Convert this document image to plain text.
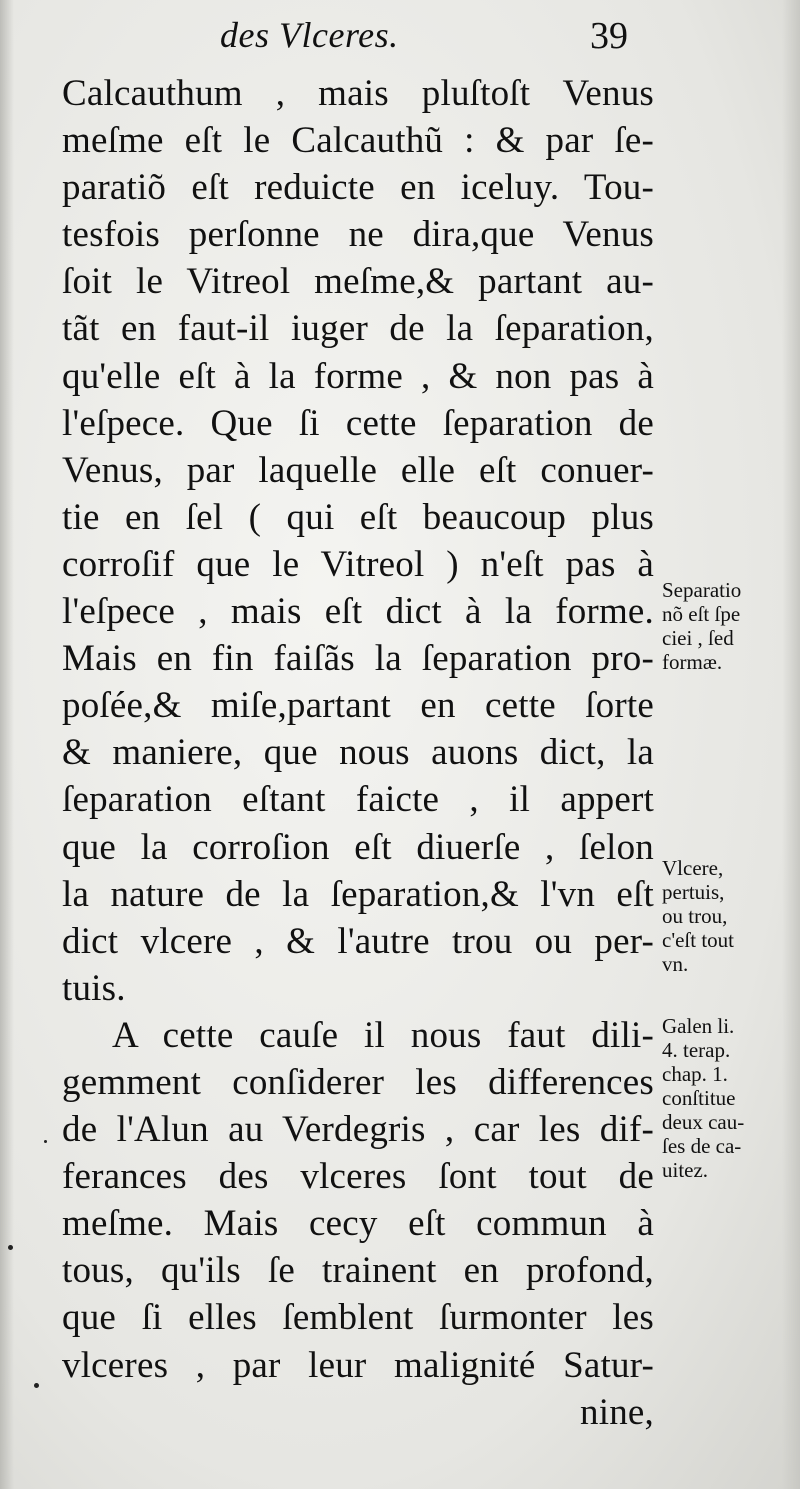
des Vlceres.	39
Calcauthum , mais pluſtoſt Venus
meſme eſt le Calcauthũ : & par ſe-
paratiõ eſt reduicte en iceluy. Tou-
tesfois perſonne ne dira,que Venus
ſoit le Vitreol meſme,& partant au-
tãt en faut-il iuger de la ſeparation,
qu'elle eſt à la forme , & non pas à
l'eſpece. Que ſi cette ſeparation de
Venus, par laquelle elle eſt conuer-
tie en ſel ( qui eſt beaucoup plus
corroſif que le Vitreol ) n'eſt pas à
l'eſpece , mais eſt dict à la forme.
Mais en fin faiſãs la ſeparation pro-
poſée,& miſe,partant en cette ſorte
& maniere, que nous auons dict, la
ſeparation eſtant faicte , il appert
que la corroſion eſt diuerſe , ſelon
la nature de la ſeparation,& l'vn eſt
dict vlcere , & l'autre trou ou per-
tuis.
A cette cauſe il nous faut dili-
gemment conſiderer les differences
de l'Alun au Verdegris , car les dif-
ferances des vlceres ſont tout de
meſme. Mais cecy eſt commun à
tous, qu'ils ſe trainent en profond,
que ſi elles ſemblent ſurmonter les
vlceres , par leur malignité Satur-
nine,
Separatio
nõ eſt ſpe
ciei , ſed
formæ.
Vlcere,
pertuis,
ou trou,
c'eſt tout
vn.
Galen li.
4. terap.
chap. 1.
conſtitue
deux cau-
ſes de ca-
uitez.
